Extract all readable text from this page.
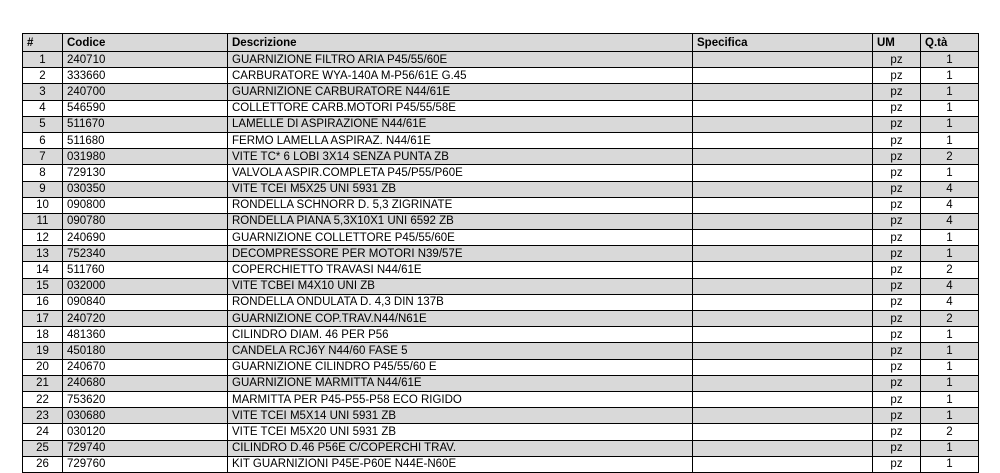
#	Codice	Descrizione	Specifica	UM	Q.tà
1	240710	GUARNIZIONE FILTRO ARIA P45/55/60E		pz	1
2	333660	CARBURATORE WYA-140A M-P56/61E G.45		pz	1
3	240700	GUARNIZIONE CARBURATORE N44/61E		pz	1
4	546590	COLLETTORE CARB.MOTORI P45/55/58E		pz	1
5	511670	LAMELLE DI ASPIRAZIONE N44/61E		pz	1
6	511680	FERMO LAMELLA ASPIRAZ. N44/61E		pz	1
7	031980	VITE TC* 6 LOBI 3X14 SENZA PUNTA ZB		pz	2
8	729130	VALVOLA ASPIR.COMPLETA P45/P55/P60E		pz	1
9	030350	VITE TCEI M5X25 UNI 5931 ZB		pz	4
10	090800	RONDELLA SCHNORR D. 5,3 ZIGRINATE		pz	4
11	090780	RONDELLA PIANA 5,3X10X1 UNI 6592 ZB		pz	4
12	240690	GUARNIZIONE COLLETTORE P45/55/60E		pz	1
13	752340	DECOMPRESSORE PER MOTORI N39/57E		pz	1
14	511760	COPERCHIETTO TRAVASI N44/61E		pz	2
15	032000	VITE TCBEI M4X10 UNI ZB		pz	4
16	090840	RONDELLA ONDULATA D. 4,3 DIN 137B		pz	4
17	240720	GUARNIZIONE COP.TRAV.N44/N61E		pz	2
18	481360	CILINDRO DIAM. 46 PER P56		pz	1
19	450180	CANDELA RCJ6Y N44/60 FASE 5		pz	1
20	240670	GUARNIZIONE CILINDRO P45/55/60 E		pz	1
21	240680	GUARNIZIONE MARMITTA N44/61E		pz	1
22	753620	MARMITTA PER P45-P55-P58 ECO RIGIDO		pz	1
23	030680	VITE TCEI M5X14 UNI 5931 ZB		pz	1
24	030120	VITE TCEI M5X20 UNI 5931 ZB		pz	2
25	729740	CILINDRO D.46 P56E C/COPERCHI TRAV.		pz	1
26	729760	KIT GUARNIZIONI P45E-P60E N44E-N60E		pz	1
